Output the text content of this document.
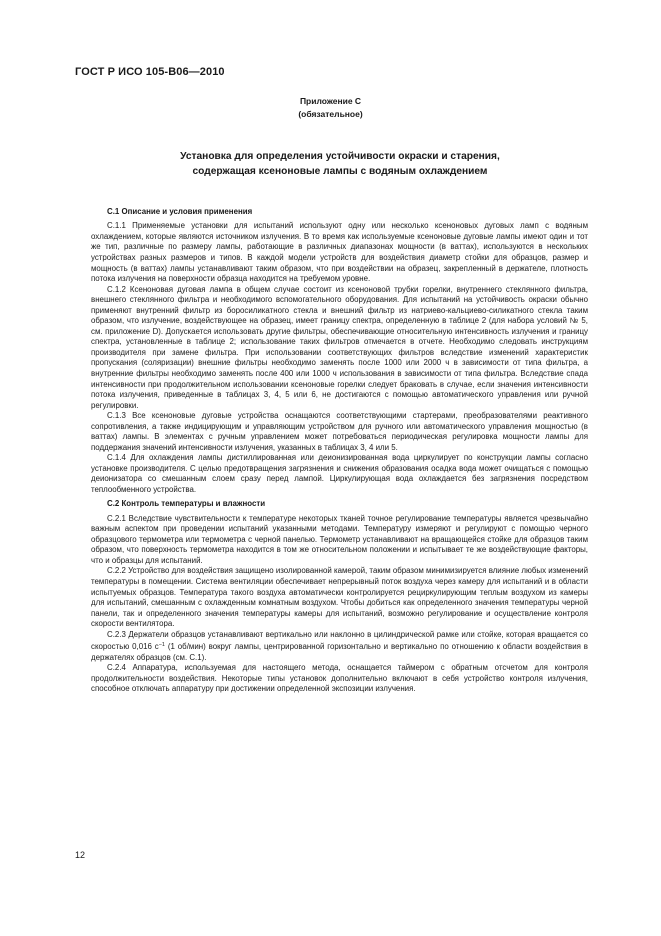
ГОСТ Р ИСО 105-В06—2010
Приложение С
(обязательное)
Установка для определения устойчивости окраски и старения,
содержащая ксеноновые лампы с водяным охлаждением
С.1 Описание и условия применения

С.1.1 Применяемые установки для испытаний используют одну или несколько ксеноновых дуговых ламп с водяным охлаждением, которые являются источником излучения. В то время как используемые ксеноновые дуговые лампы имеют один и тот же тип, различные по размеру лампы, работающие в различных диапазонах мощности (в ваттах), используются в нескольких устройствах разных размеров и типов. В каждой модели устройств для воздействия диаметр стойки для образцов, размер и мощность (в ваттах) лампы устанавливают таким образом, что при воздействии на образец, закрепленный в держателе, плотность потока излучения на поверхности образца находится на требуемом уровне.

С.1.2 Ксеноновая дуговая лампа в общем случае состоит из ксеноновой трубки горелки, внутреннего стеклянного фильтра, внешнего стеклянного фильтра и необходимого вспомогательного оборудования. Для испытаний на устойчивость окраски обычно применяют внутренний фильтр из боросиликатного стекла и внешний фильтр из натриево-кальциево-силикатного стекла таким образом, что излучение, воздействующее на образец, имеет границу спектра, определенную в таблице 2 (для набора условий № 5, см. приложение D). Допускается использовать другие фильтры, обеспечивающие относительную интенсивность излучения и границу спектра, установленные в таблице 2; использование таких фильтров отмечается в отчете. Необходимо следовать инструкциям производителя при замене фильтра. При использовании соответствующих фильтров вследствие изменений характеристик пропускания (соляризации) внешние фильтры необходимо заменять после 1000 или 2000 ч в зависимости от типа фильтра, а внутренние фильтры необходимо заменять после 400 или 1000 ч использования в зависимости от типа фильтра. Вследствие спада интенсивности при продолжительном использовании ксеноновые горелки следует браковать в случае, если значения интенсивности потока излучения, приведенные в таблицах 3, 4, 5 или 6, не достигаются с помощью автоматического управления или ручной регулировки.

С.1.3 Все ксеноновые дуговые устройства оснащаются соответствующими стартерами, преобразователями реактивного сопротивления, а также индицирующим и управляющим устройством для ручного или автоматического управления мощностью (в ваттах) лампы. В элементах с ручным управлением может потребоваться периодическая регулировка мощности лампы для поддержания значений интенсивности излучения, указанных в таблицах 3, 4 или 5.

С.1.4 Для охлаждения лампы дистиллированная или деионизированная вода циркулирует по конструкции лампы согласно установке производителя. С целью предотвращения загрязнения и снижения образования осадка вода может очищаться с помощью деионизатора со смешанным слоем сразу перед лампой. Циркулирующая вода охлаждается без загрязнения посредством теплообменного устройства.

С.2 Контроль температуры и влажности

С.2.1 Вследствие чувствительности к температуре некоторых тканей точное регулирование температуры является чрезвычайно важным аспектом при проведении испытаний указанными методами. Температуру измеряют и регулируют с помощью черного образцового термометра или термометра с черной панелью. Термометр устанавливают на вращающейся стойке для образцов таким образом, что поверхность термометра находится в том же относительном положении и испытывает те же воздействующие факторы, что и образцы для испытаний.

С.2.2 Устройство для воздействия защищено изолированной камерой, таким образом минимизируется влияние любых изменений температуры в помещении. Система вентиляции обеспечивает непрерывный поток воздуха через камеру для испытаний и в области испытуемых образцов. Температура такого воздуха автоматически контролируется рециркулирующим теплым воздухом из камеры для испытаний, смешанным с охлажденным комнатным воздухом. Чтобы добиться как определенного значения температуры черной панели, так и определенного значения температуры камеры для испытаний, возможно регулирование и осуществление контроля скорости вентилятора.

С.2.3 Держатели образцов устанавливают вертикально или наклонно в цилиндрической рамке или стойке, которая вращается со скоростью 0,016 $с^{-1}$ (1 об/мин) вокруг лампы, центрированной горизонтально и вертикально по отношению к области воздействия в держателях образцов (см. С.1).

С.2.4 Аппаратура, используемая для настоящего метода, оснащается таймером с обратным отсчетом для контроля продолжительности воздействия. Некоторые типы установок дополнительно включают в себя устройство контроля излучения, способное отключать аппаратуру при достижении определенной экспозиции излучения.

12
